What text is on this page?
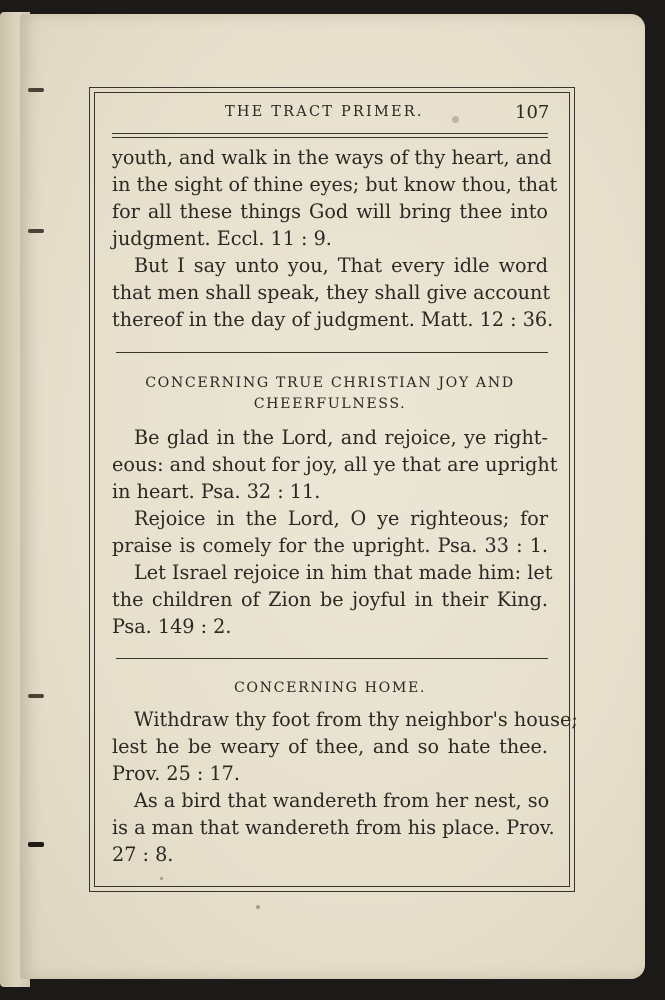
THE TRACT PRIMER.	107
youth, and walk in the ways of thy heart, and
in the sight of thine eyes; but know thou, that
for all these things God will bring thee into
judgment. Eccl. 11 : 9.
But I say unto you, That every idle word
that men shall speak, they shall give account
thereof in the day of judgment. Matt. 12 : 36.
CONCERNING TRUE CHRISTIAN JOY AND
CHEERFULNESS.
Be glad in the Lord, and rejoice, ye right-
eous: and shout for joy, all ye that are upright
in heart. Psa. 32 : 11.
Rejoice in the Lord, O ye righteous; for
praise is comely for the upright. Psa. 33 : 1.
Let Israel rejoice in him that made him: let
the children of Zion be joyful in their King.
Psa. 149 : 2.
CONCERNING HOME.
Withdraw thy foot from thy neighbor's house;
lest he be weary of thee, and so hate thee.
Prov. 25 : 17.
As a bird that wandereth from her nest, so
is a man that wandereth from his place. Prov.
27 : 8.
